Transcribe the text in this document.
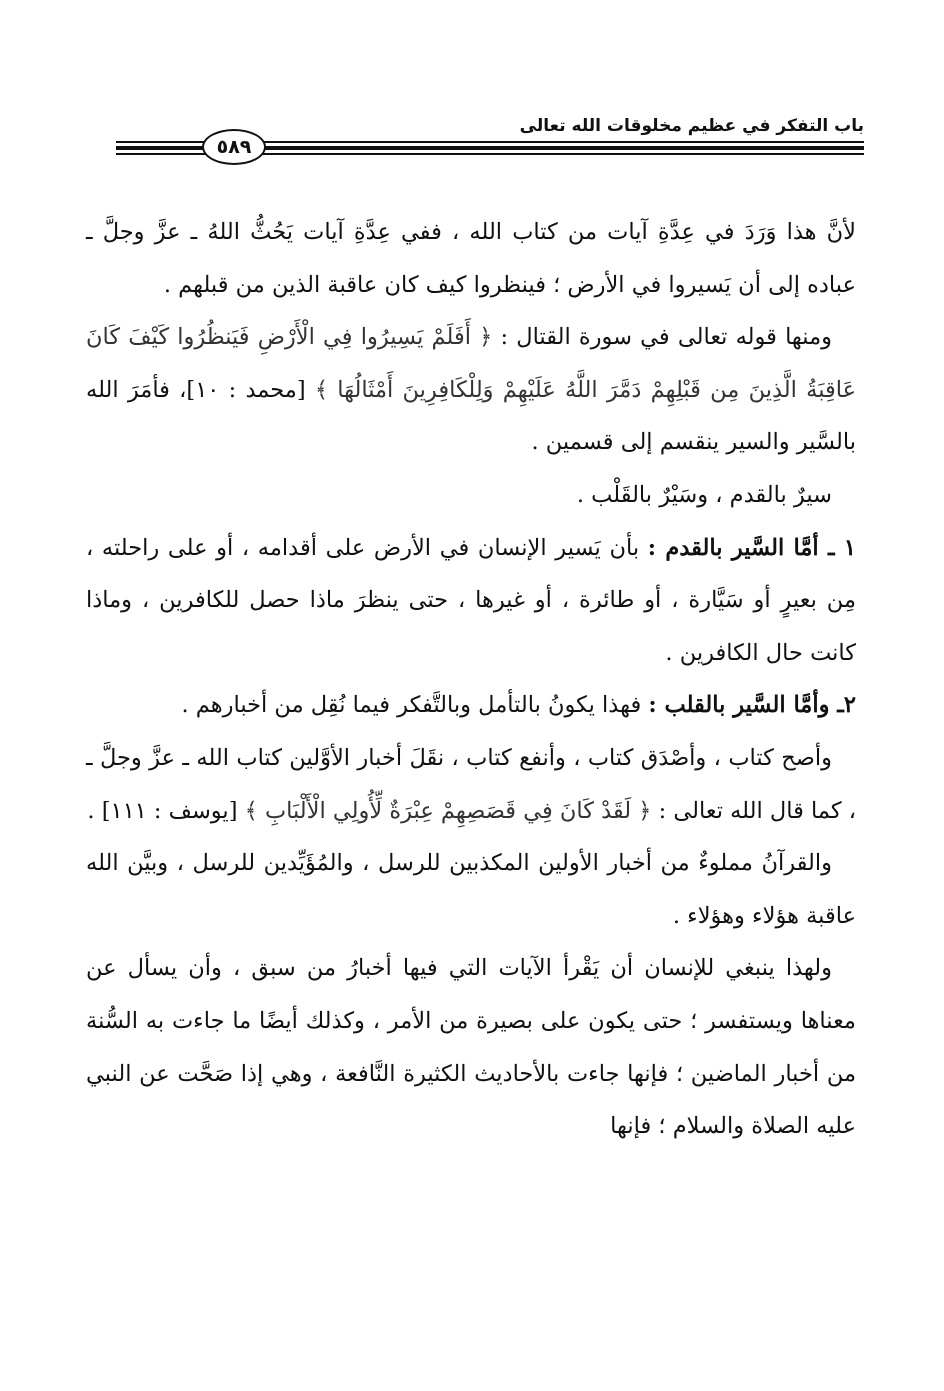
باب التفكر في عظيم مخلوقات الله تعالى
٥٨٩

لأنَّ هذا وَرَدَ في عِدَّةِ آيات من كتاب الله ، ففي عِدَّةِ آيات يَحُثُّ اللهُ ـ عزَّ وجلَّ ـ عباده إلى أن يَسيروا في الأرض ؛ فينظروا كيف كان عاقبة الذين من قبلهم .

ومنها قوله تعالى في سورة القتال : ﴿ أَفَلَمْ يَسِيرُوا فِي الْأَرْضِ فَيَنظُرُوا كَيْفَ كَانَ عَاقِبَةُ الَّذِينَ مِن قَبْلِهِمْ دَمَّرَ اللَّهُ عَلَيْهِمْ وَلِلْكَافِرِينَ أَمْثَالُهَا ﴾ [محمد : ١٠]، فأمَرَ الله بالسَّير والسير ينقسم إلى قسمين .

سيرٌ بالقدم ، وسَيْرٌ بالقَلْب .

١ ـ أمَّا السَّير بالقدم : بأن يَسير الإنسان في الأرض على أقدامه ، أو على راحلته ، مِن بعيرٍ أو سَيَّارة ، أو طائرة ، أو غيرها ، حتى ينظرَ ماذا حصل للكافرين ، وماذا كانت حال الكافرين .

٢ـ وأمَّا السَّير بالقلب : فهذا يكونُ بالتأمل وبالتَّفكر فيما نُقِل من أخبارهم .

وأصح كتاب ، وأصْدَق كتاب ، وأنفع كتاب ، نقَلَ أخبار الأوَّلين كتاب الله ـ عزَّ وجلَّ ـ ، كما قال الله تعالى : ﴿ لَقَدْ كَانَ فِي قَصَصِهِمْ عِبْرَةٌ لِّأُولِي الْأَلْبَابِ ﴾ [يوسف : ١١١] .

والقرآنُ مملوءٌ من أخبار الأولين المكذبين للرسل ، والمُؤَيِّدين للرسل ، وبيَّن الله عاقبة هؤلاء وهؤلاء .

ولهذا ينبغي للإنسان أن يَقْرأ الآيات التي فيها أخبارُ من سبق ، وأن يسأل عن معناها ويستفسر ؛ حتى يكون على بصيرة من الأمر ، وكذلك أيضًا ما جاءت به السُّنة من أخبار الماضين ؛ فإنها جاءت بالأحاديث الكثيرة النَّافعة ، وهي إذا صَحَّت عن النبي عليه الصلاة والسلام ؛ فإنها
